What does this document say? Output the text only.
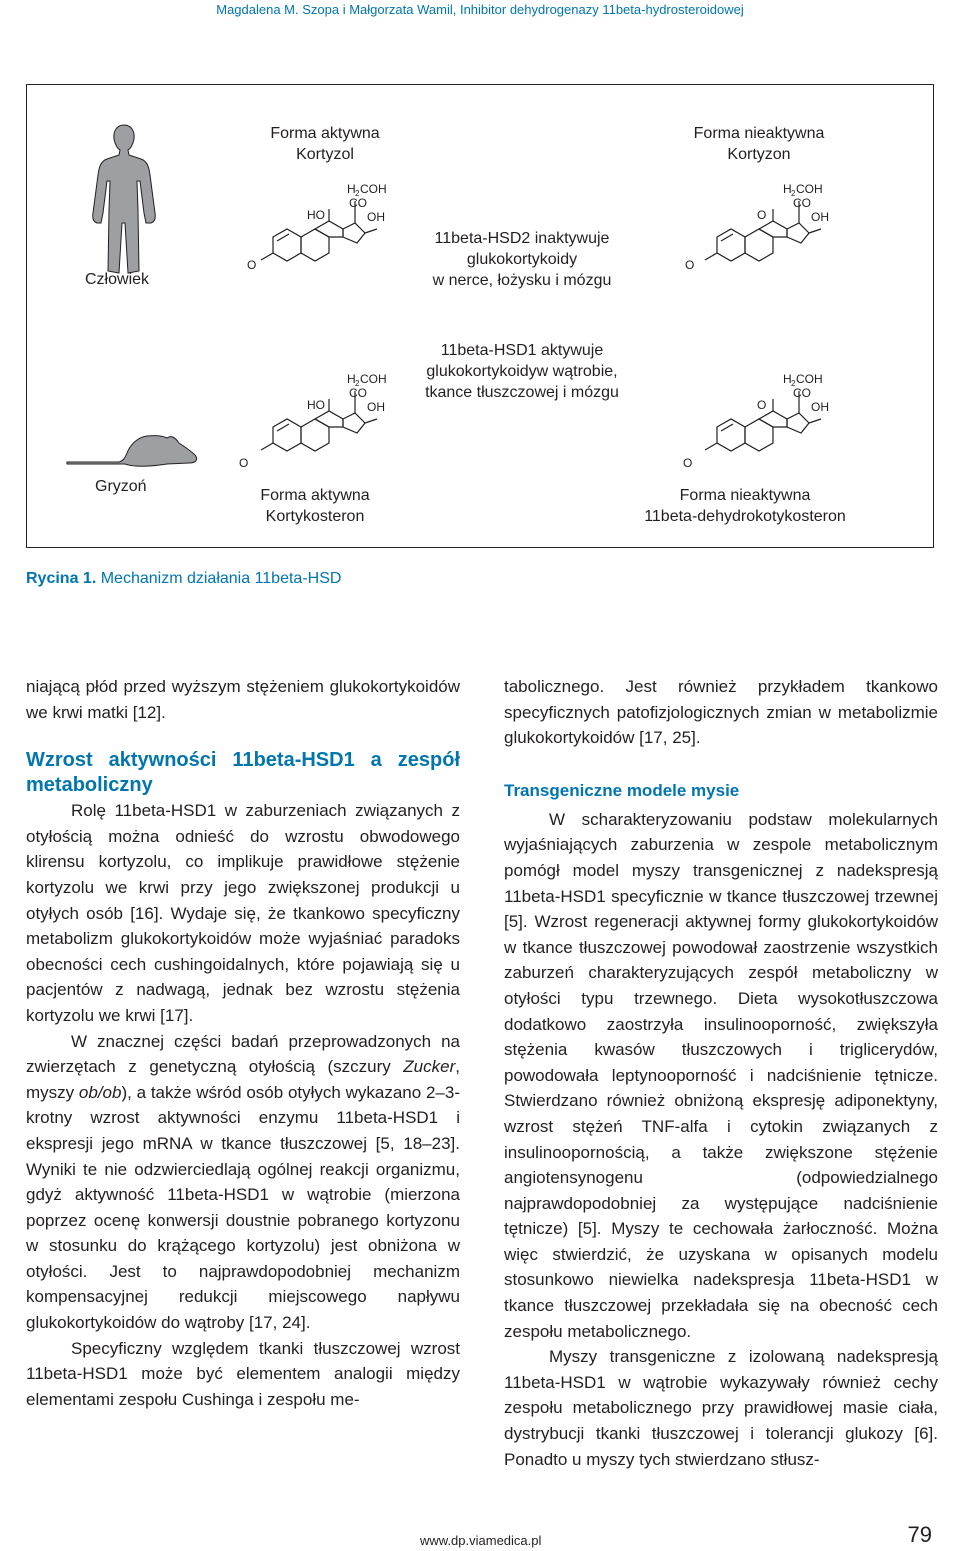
Magdalena M. Szopa i Małgorzata Wamil, Inhibitor dehydrogenazy 11beta-hydrosteroidowej
Człowiek
Gryzoń
Forma aktywna
Kortyzol
Forma nieaktywna
Kortyzon
11beta-HSD2 inaktywuje
glukokortykoidy
w nerce, łożysku i mózgu
11beta-HSD1 aktywuje
glukokortykoidyw wątrobie,
tkance tłuszczowej i mózgu
Forma aktywna
Kortykosteron
Forma nieaktywna
11beta-dehydrokotykosteron
HO
H 2 COH
CO
OH
O
O
H 2 COH
CO
OH
O
HO
H 2 COH
CO
OH
O
O
H 2 COH
CO
OH
O
Rycina 1. Mechanizm działania 11beta-HSD

niającą płód przed wyższym stężeniem glukokortykoidów we krwi matki [12].

Wzrost aktywności 11beta-HSD1 a zespół metaboliczny

Rolę 11beta-HSD1 w zaburzeniach związanych z otyłością można odnieść do wzrostu obwodowego klirensu kortyzolu, co implikuje prawidłowe stężenie kortyzolu we krwi przy jego zwiększonej produkcji u otyłych osób [16]. Wydaje się, że tkankowo specyficzny metabolizm glukokortykoidów może wyjaśniać paradoks obecności cech cushingoidalnych, które pojawiają się u pacjentów z nadwagą, jednak bez wzrostu stężenia kortyzolu we krwi [17].

W znacznej części badań przeprowadzonych na zwierzętach z genetyczną otyłością (szczury Zucker, myszy ob/ob), a także wśród osób otyłych wykazano 2–3-krotny wzrost aktywności enzymu 11beta-HSD1 i ekspresji jego mRNA w tkance tłuszczowej [5, 18–23]. Wyniki te nie odzwierciedlają ogólnej reakcji organizmu, gdyż aktywność 11beta-HSD1 w wątrobie (mierzona poprzez ocenę konwersji doustnie pobranego kortyzonu w stosunku do krążącego kortyzolu) jest obniżona w otyłości. Jest to najprawdopodobniej mechanizm kompensacyjnej redukcji miejscowego napływu glukokortykoidów do wątroby [17, 24].

Specyficzny względem tkanki tłuszczowej wzrost 11beta-HSD1 może być elementem analogii między elementami zespołu Cushinga i zespołu me-

tabolicznego. Jest również przykładem tkankowo specyficznych patofizjologicznych zmian w metabolizmie glukokortykoidów [17, 25].

Transgeniczne modele mysie

W scharakteryzowaniu podstaw molekularnych wyjaśniających zaburzenia w zespole metabolicznym pomógł model myszy transgenicznej z nadekspresją 11beta-HSD1 specyficznie w tkance tłuszczowej trzewnej [5]. Wzrost regeneracji aktywnej formy glukokortykoidów w tkance tłuszczowej powodował zaostrzenie wszystkich zaburzeń charakteryzujących zespół metaboliczny w otyłości typu trzewnego. Dieta wysokotłuszczowa dodatkowo zaostrzyła insulinooporność, zwiększyła stężenia kwasów tłuszczowych i triglicerydów, powodowała leptynooporność i nadciśnienie tętnicze. Stwierdzano również obniżoną ekspresję adiponektyny, wzrost stężeń TNF-alfa i cytokin związanych z insulinoopornością, a także zwiększone stężenie angiotensynogenu (odpowiedzialnego najprawdopodobniej za występujące nadciśnienie tętnicze) [5]. Myszy te cechowała żarłoczność. Można więc stwierdzić, że uzyskana w opisanych modelu stosunkowo niewielka nadekspresja 11beta-HSD1 w tkance tłuszczowej przekładała się na obecność cech zespołu metabolicznego.

Myszy transgeniczne z izolowaną nadekspresją 11beta-HSD1 w wątrobie wykazywały również cechy zespołu metabolicznego przy prawidłowej masie ciała, dystrybucji tkanki tłuszczowej i tolerancji glukozy [6]. Ponadto u myszy tych stwierdzano stłusz-

www.dp.viamedica.pl	79
